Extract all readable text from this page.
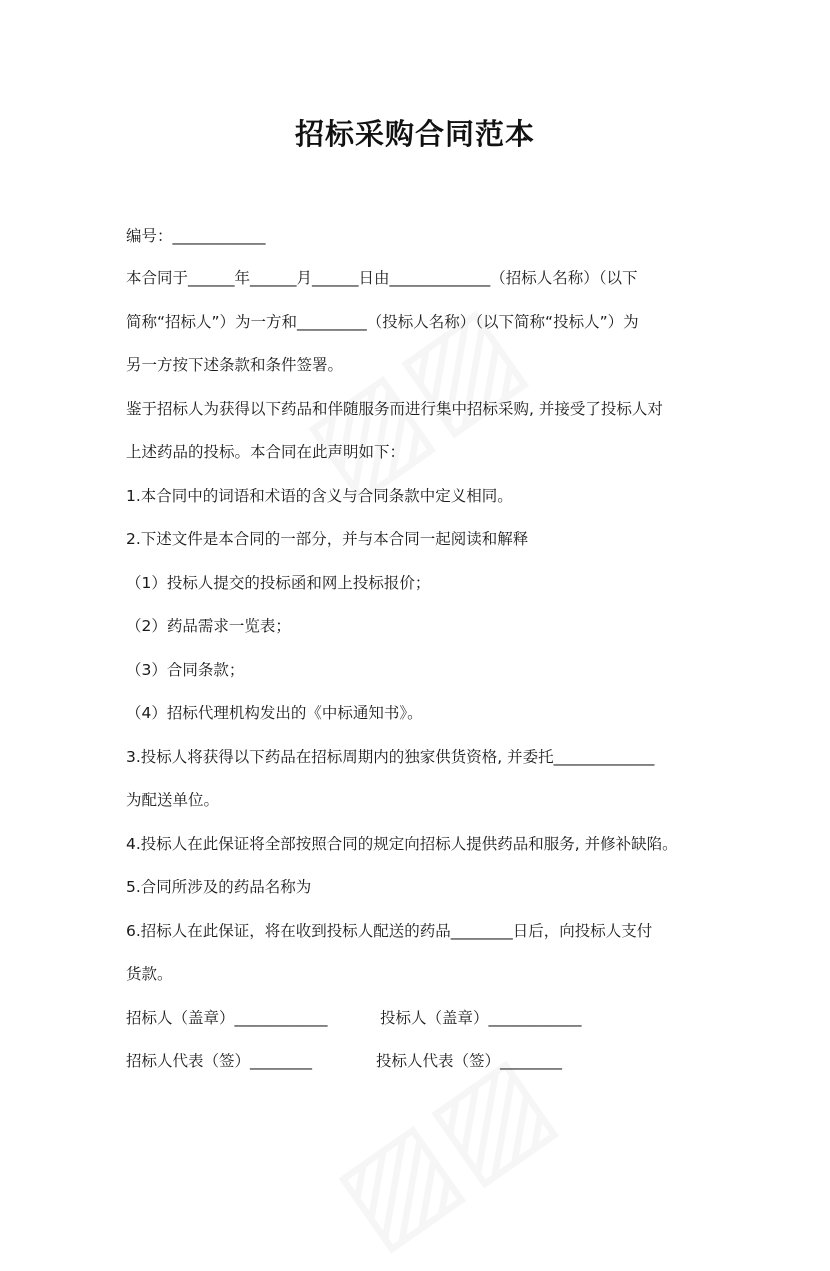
招标采购合同范本
编号：____________
本合同于______年______月______日由_____________（招标人名称）（以下
简称“招标人”）为一方和_________（投标人名称）（以下简称“投标人”）为
另一方按下述条款和条件签署。
鉴于招标人为获得以下药品和伴随服务而进行集中招标采购, 并接受了投标人对
上述药品的投标。本合同在此声明如下：
1.本合同中的词语和术语的含义与合同条款中定义相同。
2.下述文件是本合同的一部分，并与本合同一起阅读和解释
（1）投标人提交的投标函和网上投标报价；
（2）药品需求一览表；
（3）合同条款；
（4）招标代理机构发出的《中标通知书》。
3.投标人将获得以下药品在招标周期内的独家供货资格, 并委托_____________
为配送单位。
4.投标人在此保证将全部按照合同的规定向招标人提供药品和服务, 并修补缺陷。
5.合同所涉及的药品名称为
6.招标人在此保证，将在收到投标人配送的药品________日后，向投标人支付
货款。
招标人（盖章）____________	投标人（盖章）____________
招标人代表（签）________	投标人代表（签）________
